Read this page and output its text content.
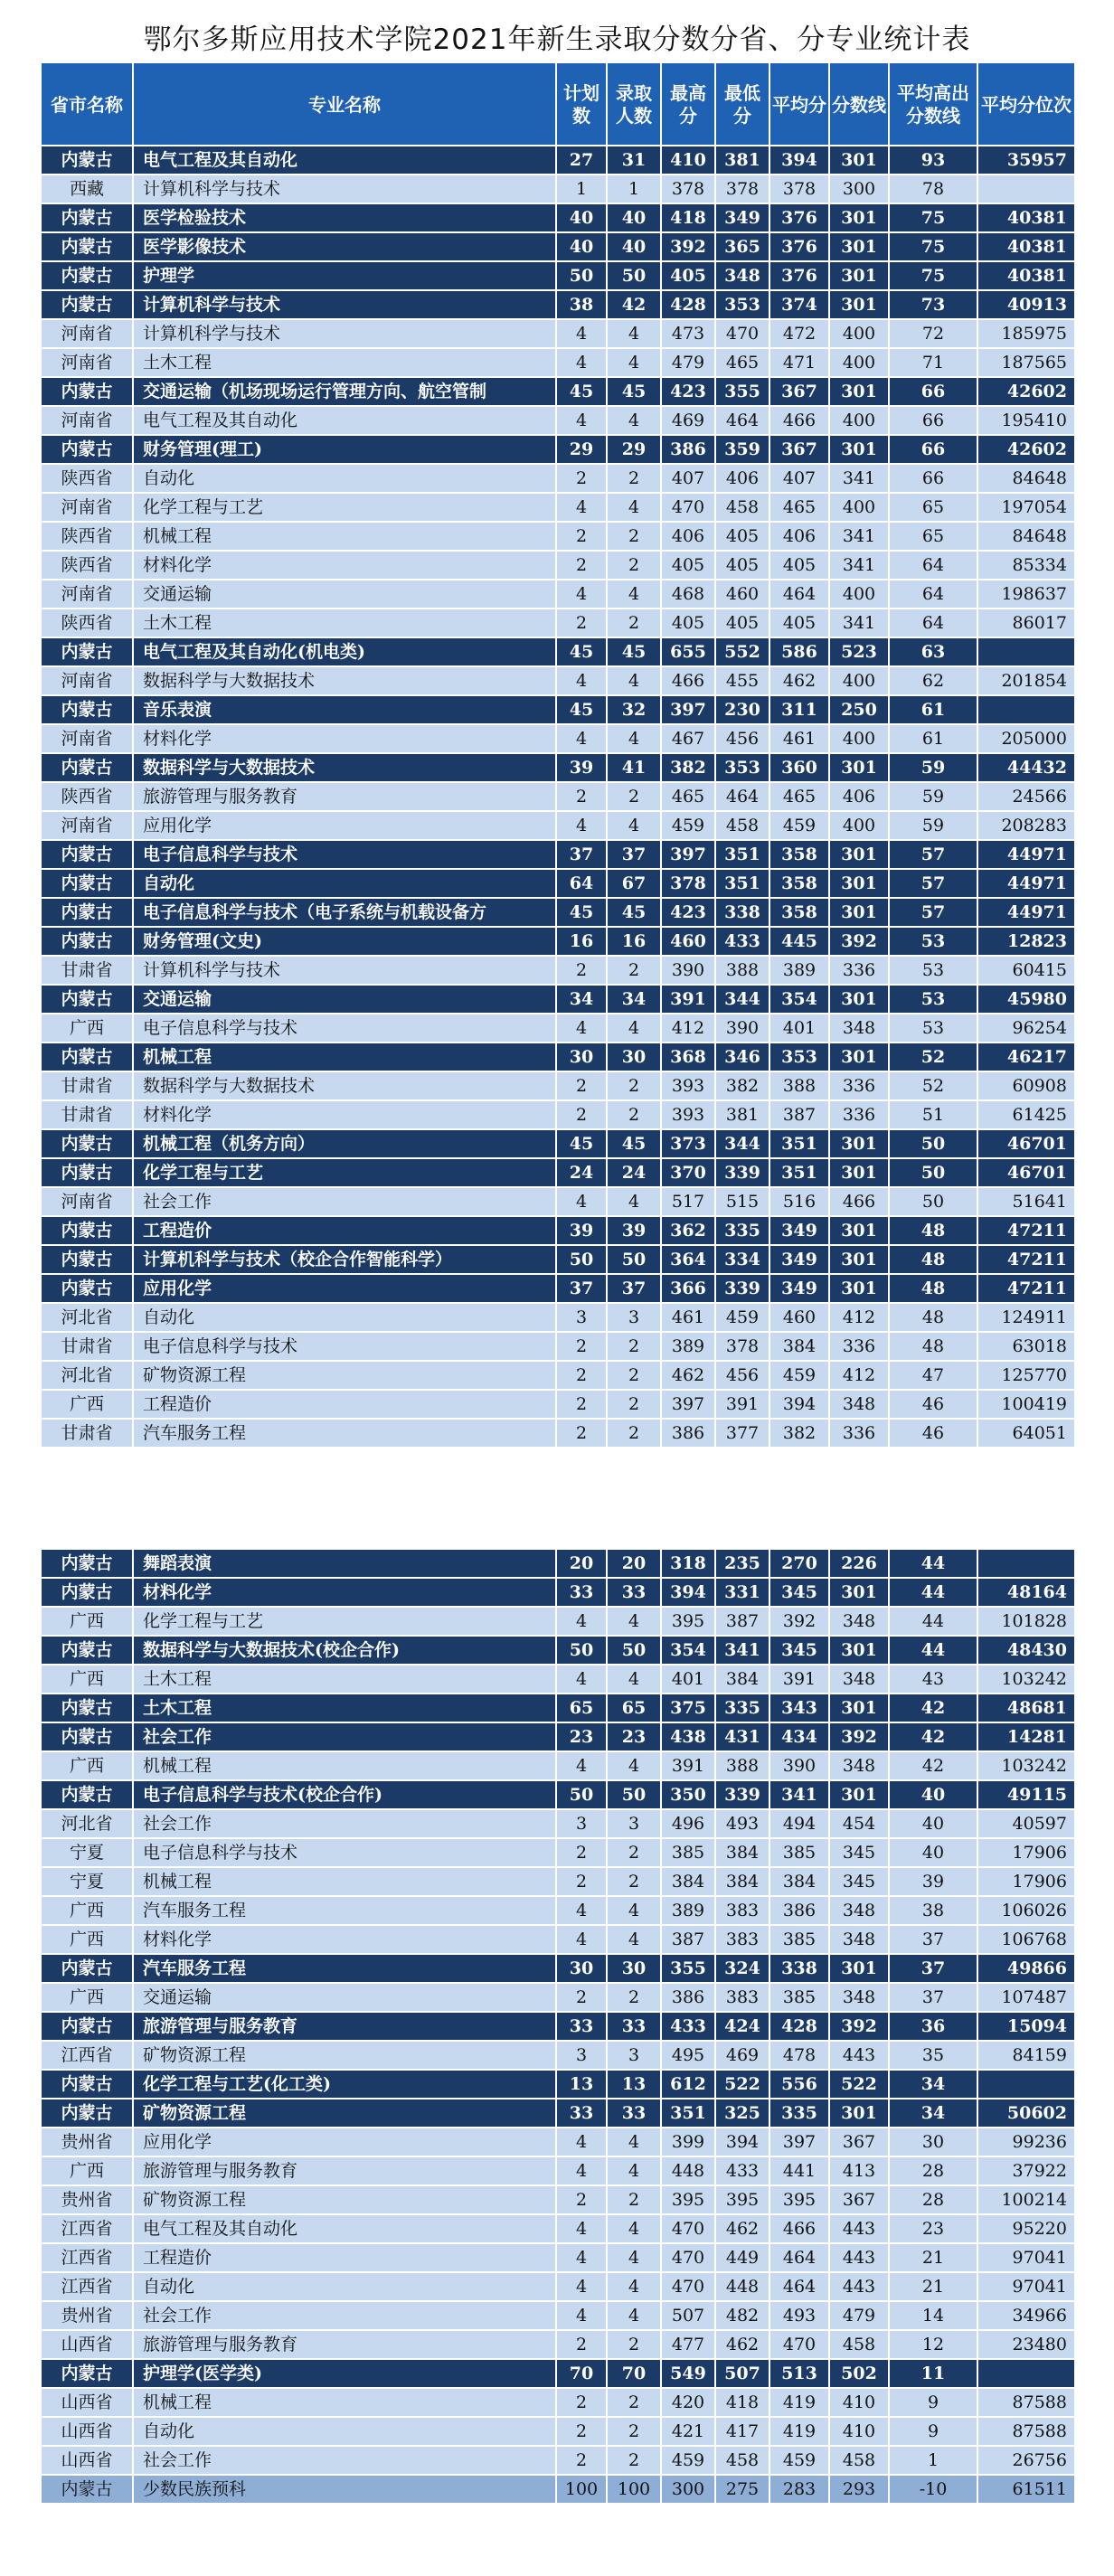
鄂尔多斯应用技术学院2021年新生录取分数分省、分专业统计表
省市名称	专业名称	计划数	录取人数	最高分	最低分	平均分	分数线	平均高出分数线	平均分位次
内蒙古	电气工程及其自动化	27	31	410	381	394	301	93	35957
西藏	计算机科学与技术	1	1	378	378	378	300	78	
内蒙古	医学检验技术	40	40	418	349	376	301	75	40381
内蒙古	医学影像技术	40	40	392	365	376	301	75	40381
内蒙古	护理学	50	50	405	348	376	301	75	40381
内蒙古	计算机科学与技术	38	42	428	353	374	301	73	40913
河南省	计算机科学与技术	4	4	473	470	472	400	72	185975
河南省	土木工程	4	4	479	465	471	400	71	187565
内蒙古	交通运输（机场现场运行管理方向、航空管制	45	45	423	355	367	301	66	42602
河南省	电气工程及其自动化	4	4	469	464	466	400	66	195410
内蒙古	财务管理(理工)	29	29	386	359	367	301	66	42602
陕西省	自动化	2	2	407	406	407	341	66	84648
河南省	化学工程与工艺	4	4	470	458	465	400	65	197054
陕西省	机械工程	2	2	406	405	406	341	65	84648
陕西省	材料化学	2	2	405	405	405	341	64	85334
河南省	交通运输	4	4	468	460	464	400	64	198637
陕西省	土木工程	2	2	405	405	405	341	64	86017
内蒙古	电气工程及其自动化(机电类)	45	45	655	552	586	523	63	
河南省	数据科学与大数据技术	4	4	466	455	462	400	62	201854
内蒙古	音乐表演	45	32	397	230	311	250	61	
河南省	材料化学	4	4	467	456	461	400	61	205000
内蒙古	数据科学与大数据技术	39	41	382	353	360	301	59	44432
陕西省	旅游管理与服务教育	2	2	465	464	465	406	59	24566
河南省	应用化学	4	4	459	458	459	400	59	208283
内蒙古	电子信息科学与技术	37	37	397	351	358	301	57	44971
内蒙古	自动化	64	67	378	351	358	301	57	44971
内蒙古	电子信息科学与技术（电子系统与机载设备方	45	45	423	338	358	301	57	44971
内蒙古	财务管理(文史)	16	16	460	433	445	392	53	12823
甘肃省	计算机科学与技术	2	2	390	388	389	336	53	60415
内蒙古	交通运输	34	34	391	344	354	301	53	45980
广西	电子信息科学与技术	4	4	412	390	401	348	53	96254
内蒙古	机械工程	30	30	368	346	353	301	52	46217
甘肃省	数据科学与大数据技术	2	2	393	382	388	336	52	60908
甘肃省	材料化学	2	2	393	381	387	336	51	61425
内蒙古	机械工程（机务方向）	45	45	373	344	351	301	50	46701
内蒙古	化学工程与工艺	24	24	370	339	351	301	50	46701
河南省	社会工作	4	4	517	515	516	466	50	51641
内蒙古	工程造价	39	39	362	335	349	301	48	47211
内蒙古	计算机科学与技术（校企合作智能科学）	50	50	364	334	349	301	48	47211
内蒙古	应用化学	37	37	366	339	349	301	48	47211
河北省	自动化	3	3	461	459	460	412	48	124911
甘肃省	电子信息科学与技术	2	2	389	378	384	336	48	63018
河北省	矿物资源工程	2	2	462	456	459	412	47	125770
广西	工程造价	2	2	397	391	394	348	46	100419
甘肃省	汽车服务工程	2	2	386	377	382	336	46	64051
内蒙古	舞蹈表演	20	20	318	235	270	226	44	
内蒙古	材料化学	33	33	394	331	345	301	44	48164
广西	化学工程与工艺	4	4	395	387	392	348	44	101828
内蒙古	数据科学与大数据技术(校企合作)	50	50	354	341	345	301	44	48430
广西	土木工程	4	4	401	384	391	348	43	103242
内蒙古	土木工程	65	65	375	335	343	301	42	48681
内蒙古	社会工作	23	23	438	431	434	392	42	14281
广西	机械工程	4	4	391	388	390	348	42	103242
内蒙古	电子信息科学与技术(校企合作)	50	50	350	339	341	301	40	49115
河北省	社会工作	3	3	496	493	494	454	40	40597
宁夏	电子信息科学与技术	2	2	385	384	385	345	40	17906
宁夏	机械工程	2	2	384	384	384	345	39	17906
广西	汽车服务工程	4	4	389	383	386	348	38	106026
广西	材料化学	4	4	387	383	385	348	37	106768
内蒙古	汽车服务工程	30	30	355	324	338	301	37	49866
广西	交通运输	2	2	386	383	385	348	37	107487
内蒙古	旅游管理与服务教育	33	33	433	424	428	392	36	15094
江西省	矿物资源工程	3	3	495	469	478	443	35	84159
内蒙古	化学工程与工艺(化工类)	13	13	612	522	556	522	34	
内蒙古	矿物资源工程	33	33	351	325	335	301	34	50602
贵州省	应用化学	4	4	399	394	397	367	30	99236
广西	旅游管理与服务教育	4	4	448	433	441	413	28	37922
贵州省	矿物资源工程	2	2	395	395	395	367	28	100214
江西省	电气工程及其自动化	4	4	470	462	466	443	23	95220
江西省	工程造价	4	4	470	449	464	443	21	97041
江西省	自动化	4	4	470	448	464	443	21	97041
贵州省	社会工作	4	4	507	482	493	479	14	34966
山西省	旅游管理与服务教育	2	2	477	462	470	458	12	23480
内蒙古	护理学(医学类)	70	70	549	507	513	502	11	
山西省	机械工程	2	2	420	418	419	410	9	87588
山西省	自动化	2	2	421	417	419	410	9	87588
山西省	社会工作	2	2	459	458	459	458	1	26756
内蒙古	少数民族预科	100	100	300	275	283	293	-10	61511
